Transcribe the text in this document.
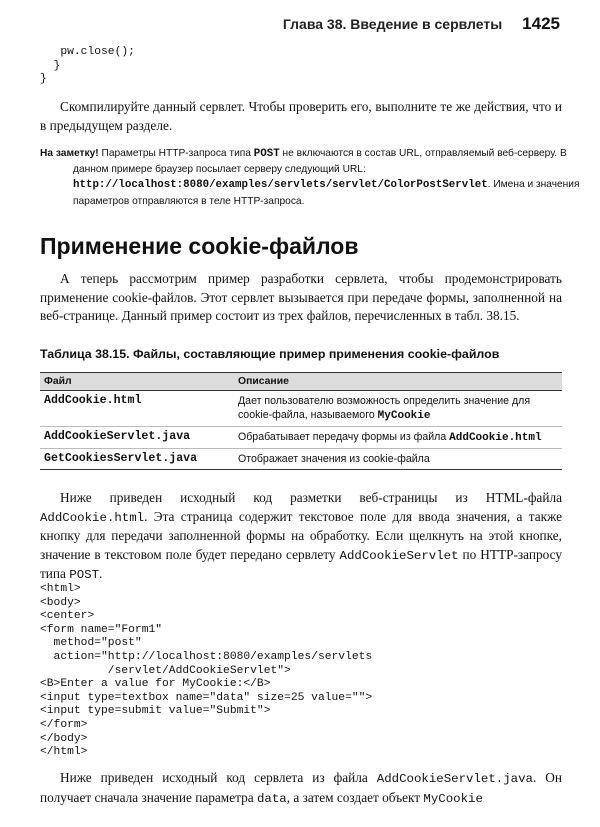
Глава 38. Введение в сервлеты 1425
pw.close();
}
}

Скомпилируйте данный сервлет. Чтобы проверить его, выполните те же действия, что и в предыдущем разделе.

На заметку! Параметры HTTP-запроса типа POST не включаются в состав URL, отправляемый веб-серверу. В данном примере браузер посылает серверу следующий URL: http://localhost:8080/examples/servlets/servlet/ColorPostServlet. Имена и значения параметров отправляются в теле HTTP-запроса.
Применение cookie-файлов

А теперь рассмотрим пример разработки сервлета, чтобы продемонстрировать применение cookie-файлов. Этот сервлет вызывается при передаче формы, заполненной на веб-странице. Данный пример состоит из трех файлов, перечисленных в табл. 38.15.

Таблица 38.15. Файлы, составляющие пример применения cookie-файлов
Файл	Описание
AddCookie.html	Дает пользователю возможность определить значение для cookie-файла, называемого MyCookie
AddCookieServlet.java	Обрабатывает передачу формы из файла AddCookie.html
GetCookiesServlet.java	Отображает значения из cookie-файла

Ниже приведен исходный код разметки веб-страницы из HTML-файла AddCookie.html. Эта страница содержит текстовое поле для ввода значения, а также кнопку для передачи заполненной формы на обработку. Если щелкнуть на этой кнопке, значение в текстовом поле будет передано сервлету AddCookieServlet по HTTP-запросу типа POST.

<html>
<body>
<center>
<form name="Form1"
method="post"
action="http://localhost:8080/examples/servlets
/servlet/AddCookieServlet">
<B>Enter a value for MyCookie:</B>
<input type=textbox name="data" size=25 value="">
<input type=submit value="Submit">
</form>
</body>
</html>

Ниже приведен исходный код сервлета из файла AddCookieServlet.java. Он получает сначала значение параметра data, а затем создает объект MyCookie
